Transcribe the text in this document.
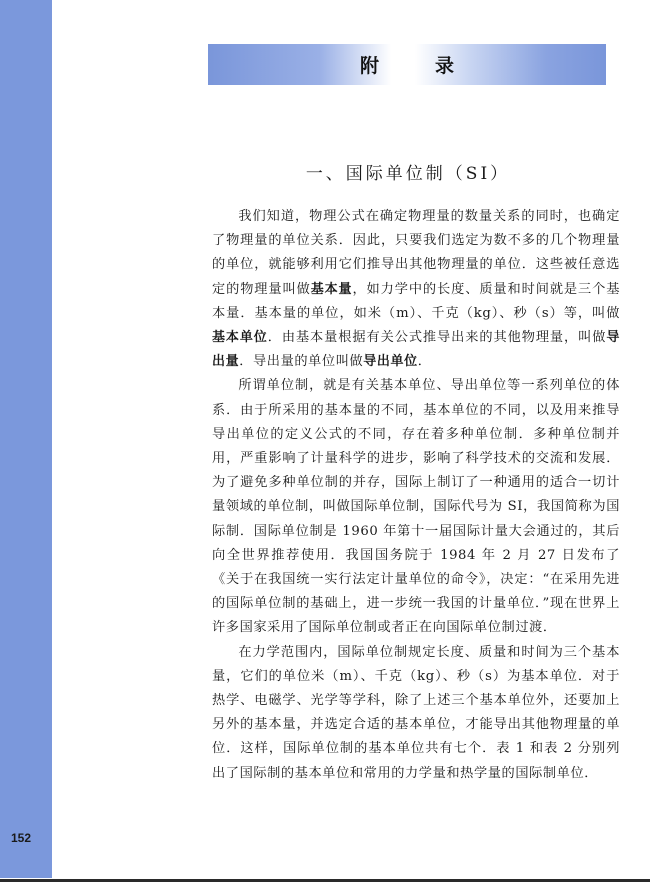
附录
一、国际单位制（SI）

我们知道，物理公式在确定物理量的数量关系的同时，也确定了物理量的单位关系．因此，只要我们选定为数不多的几个物理量的单位，就能够利用它们推导出其他物理量的单位．这些被任意选定的物理量叫做基本量，如力学中的长度、质量和时间就是三个基本量．基本量的单位，如米（m）、千克（kg）、秒（s）等，叫做基本单位．由基本量根据有关公式推导出来的其他物理量，叫做导出量．导出量的单位叫做导出单位．

所谓单位制，就是有关基本单位、导出单位等一系列单位的体系．由于所采用的基本量的不同，基本单位的不同，以及用来推导导出单位的定义公式的不同，存在着多种单位制．多种单位制并用，严重影响了计量科学的进步，影响了科学技术的交流和发展．为了避免多种单位制的并存，国际上制订了一种通用的适合一切计量领域的单位制，叫做国际单位制，国际代号为 SI，我国简称为国际制．国际单位制是 1960 年第十一届国际计量大会通过的，其后向全世界推荐使用．我国国务院于 1984 年 2 月 27 日发布了《关于在我国统一实行法定计量单位的命令》，决定：“在采用先进的国际单位制的基础上，进一步统一我国的计量单位．”现在世界上许多国家采用了国际单位制或者正在向国际单位制过渡．

在力学范围内，国际单位制规定长度、质量和时间为三个基本量，它们的单位米（m）、千克（kg）、秒（s）为基本单位．对于热学、电磁学、光学等学科，除了上述三个基本单位外，还要加上另外的基本量，并选定合适的基本单位，才能导出其他物理量的单位．这样，国际单位制的基本单位共有七个．表 1 和表 2 分别列出了国际制的基本单位和常用的力学量和热学量的国际制单位．

152
